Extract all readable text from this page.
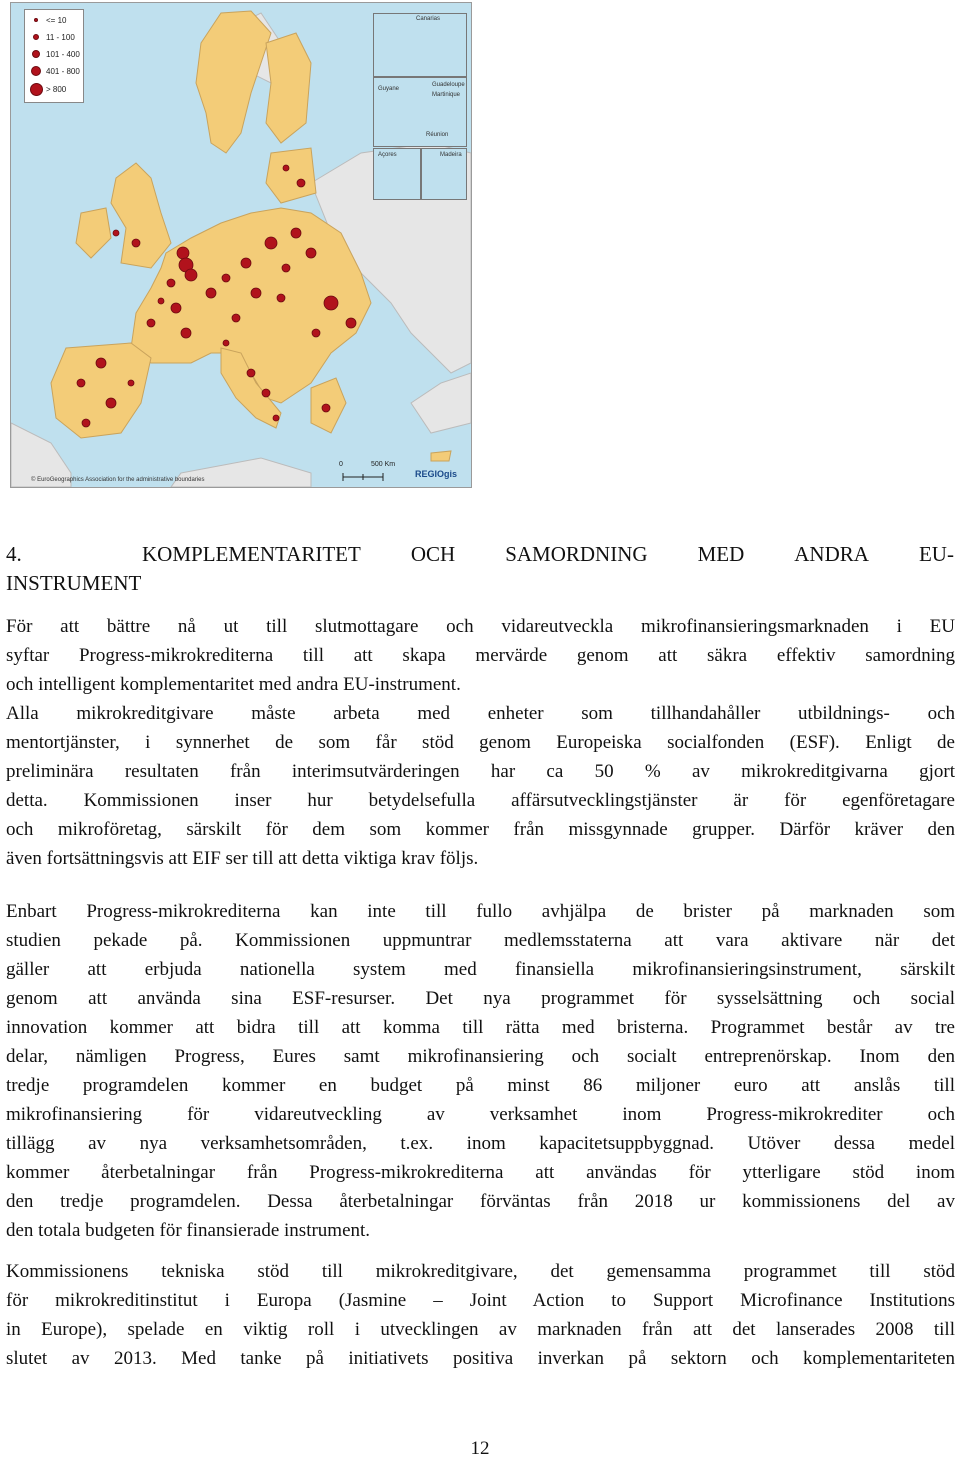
<= 10
11 - 100
101 - 400
401 - 800
> 800
Canarias
Guyane
Guadeloupe
Martinique
Réunion
Açores	Madeira
0	500 Km
REGIOgis
© EuroGeographics Association for the administrative boundaries
4.	KOMPLEMENTARITET OCH SAMORDNING MED ANDRA EU-
INSTRUMENT
För att bättre nå ut till slutmottagare och vidareutveckla mikrofinansieringsmarknaden i EU
syftar Progress-mikrokrediterna till att skapa mervärde genom att säkra effektiv samordning
och intelligent komplementaritet med andra EU-instrument.
Alla mikrokreditgivare måste arbeta med enheter som tillhandahåller utbildnings- och
mentortjänster, i synnerhet de som får stöd genom Europeiska socialfonden (ESF). Enligt de
preliminära resultaten från interimsutvärderingen har ca 50 % av mikrokreditgivarna gjort
detta. Kommissionen inser hur betydelsefulla affärsutvecklingstjänster är för egenföretagare
och mikroföretag, särskilt för dem som kommer från missgynnade grupper. Därför kräver den
även fortsättningsvis att EIF ser till att detta viktiga krav följs.
Enbart Progress-mikrokrediterna kan inte till fullo avhjälpa de brister på marknaden som
studien pekade på. Kommissionen uppmuntrar medlemsstaterna att vara aktivare när det
gäller att erbjuda nationella system med finansiella mikrofinansieringsinstrument, särskilt
genom att använda sina ESF-resurser. Det nya programmet för sysselsättning och social
innovation kommer att bidra till att komma till rätta med bristerna. Programmet består av tre
delar, nämligen Progress, Eures samt mikrofinansiering och socialt entreprenörskap. Inom den
tredje programdelen kommer en budget på minst 86 miljoner euro att anslås till
mikrofinansiering för vidareutveckling av verksamhet inom Progress-mikrokrediter och
tillägg av nya verksamhetsområden, t.ex. inom kapacitetsuppbyggnad. Utöver dessa medel
kommer återbetalningar från Progress-mikrokrediterna att användas för ytterligare stöd inom
den tredje programdelen. Dessa återbetalningar förväntas från 2018 ur kommissionens del av
den totala budgeten för finansierade instrument.
Kommissionens tekniska stöd till mikrokreditgivare, det gemensamma programmet till stöd
för mikrokreditinstitut i Europa (Jasmine – Joint Action to Support Microfinance Institutions
in Europe), spelade en viktig roll i utvecklingen av marknaden från att det lanserades 2008 till
slutet av 2013. Med tanke på initiativets positiva inverkan på sektorn och komplementariteten
12
